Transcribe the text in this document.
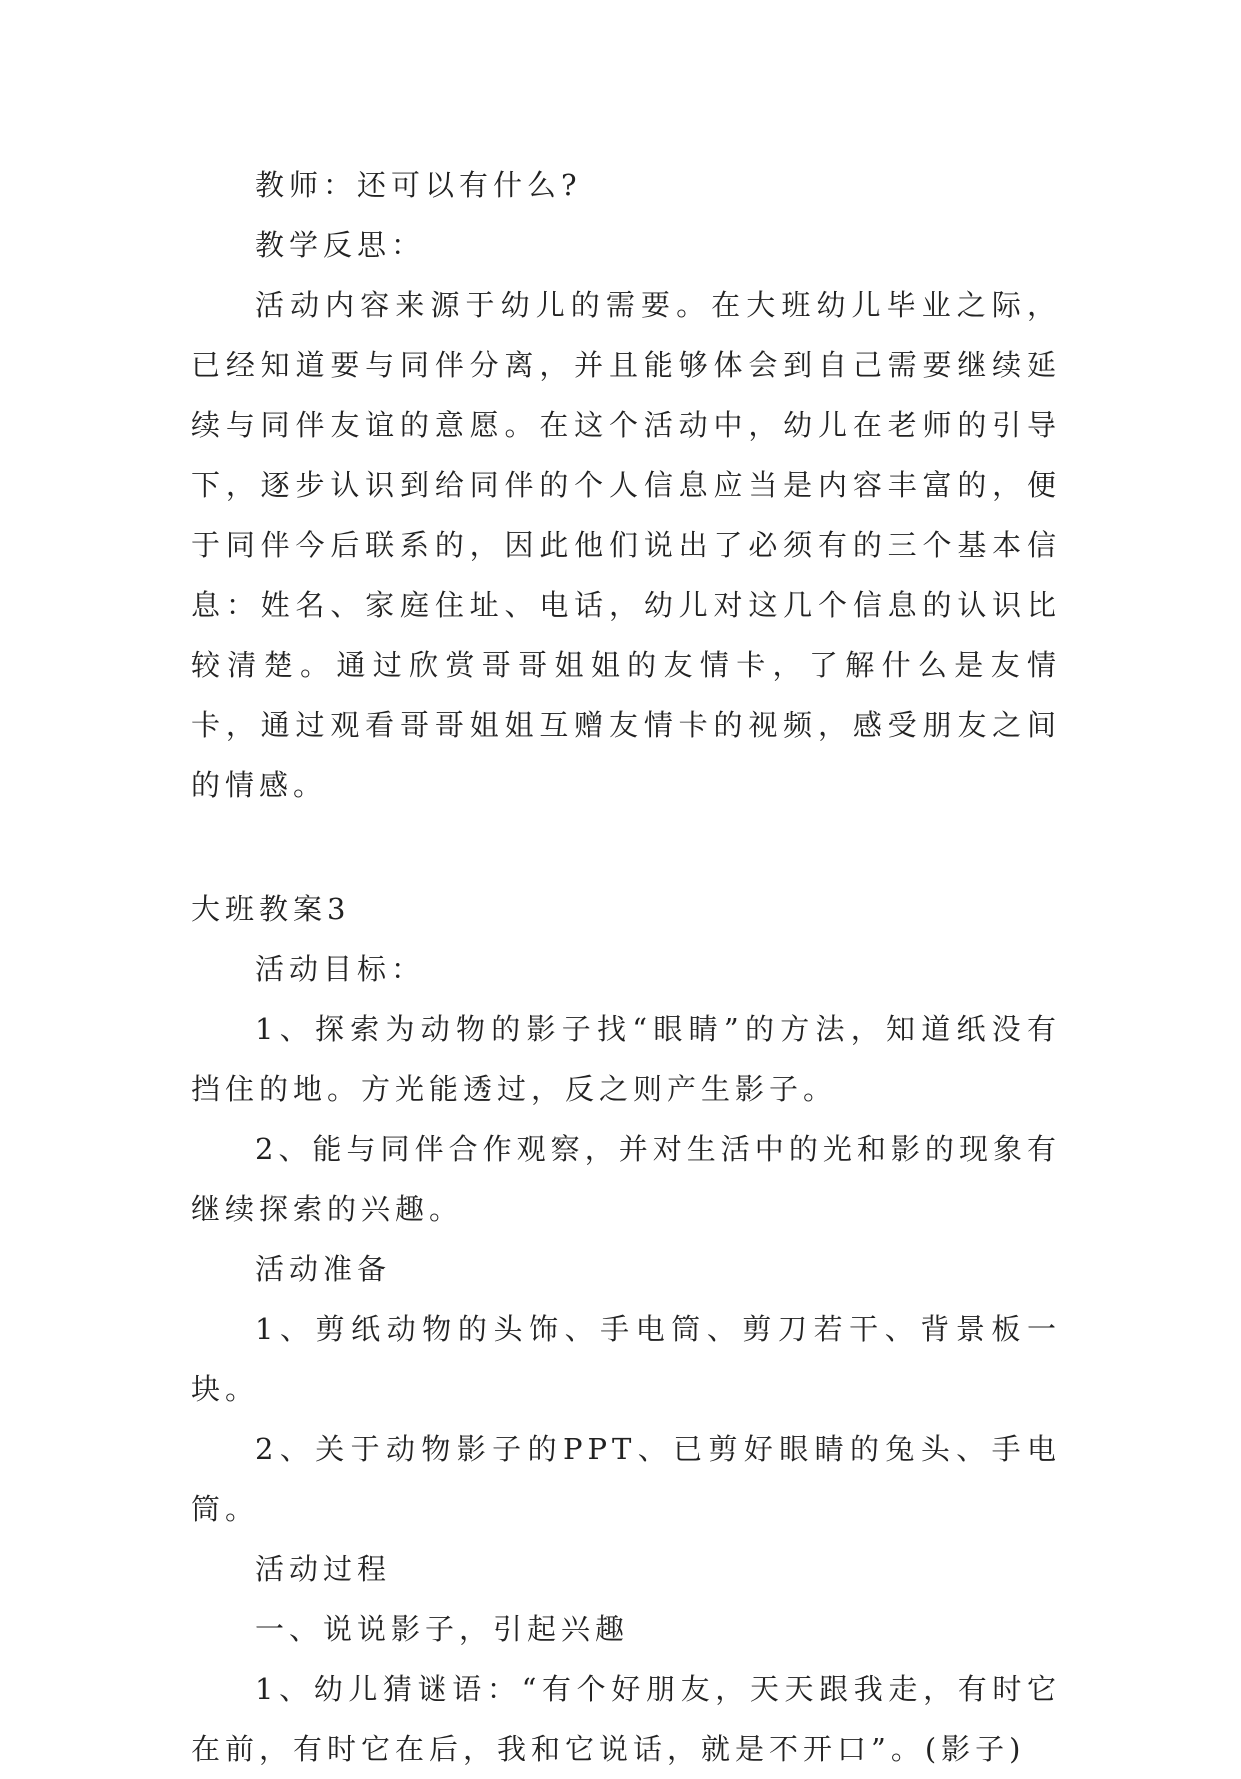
教师：还可以有什么?

教学反思：

活动内容来源于幼儿的需要。在大班幼儿毕业之际，已经知道要与同伴分离，并且能够体会到自己需要继续延续与同伴友谊的意愿。在这个活动中，幼儿在老师的引导下，逐步认识到给同伴的个人信息应当是内容丰富的，便于同伴今后联系的，因此他们说出了必须有的三个基本信息：姓名、家庭住址、电话，幼儿对这几个信息的认识比较清楚。通过欣赏哥哥姐姐的友情卡，了解什么是友情卡，通过观看哥哥姐姐互赠友情卡的视频，感受朋友之间的情感。

大班教案3

活动目标：

1、探索为动物的影子找“眼睛”的方法，知道纸没有挡住的地。方光能透过，反之则产生影子。

2、能与同伴合作观察，并对生活中的光和影的现象有继续探索的兴趣。

活动准备

1、剪纸动物的头饰、手电筒、剪刀若干、背景板一块。

2、关于动物影子的PPT、已剪好眼睛的兔头、手电筒。

活动过程

一、说说影子，引起兴趣

1、幼儿猜谜语：“有个好朋友，天天跟我走，有时它在前，有时它在后，我和它说话，就是不开口”。(影子)
